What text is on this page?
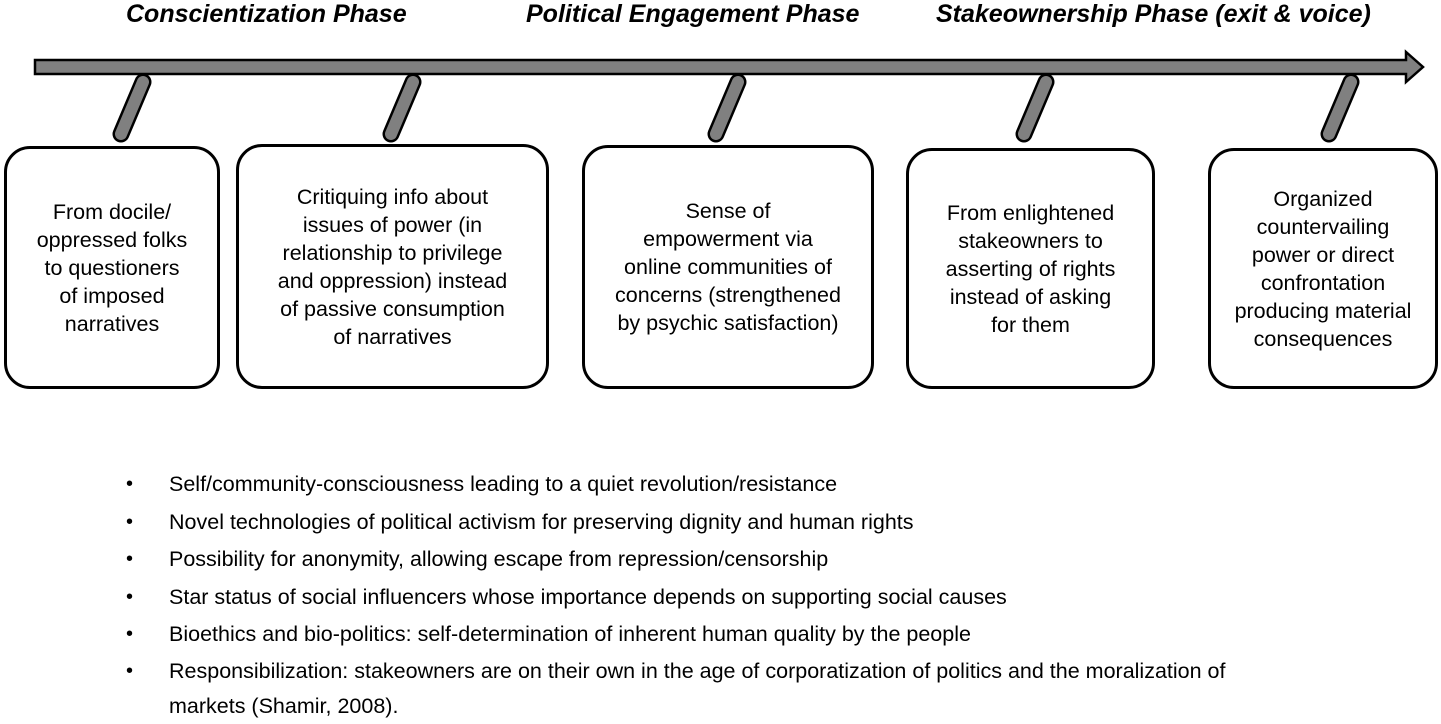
Conscientization Phase	Political Engagement Phase	Stakeownership Phase (exit & voice)
From docile/ oppressed folks to questioners of imposed narratives
Critiquing info about issues of power (in relationship to privilege and oppression) instead of passive consumption of narratives
Sense of empowerment via online communities of concerns (strengthened by psychic satisfaction)
From enlightened stakeowners to asserting of rights instead of asking for them
Organized countervailing power or direct confrontation producing material consequences
• Self/community-consciousness leading to a quiet revolution/resistance
• Novel technologies of political activism for preserving dignity and human rights
• Possibility for anonymity, allowing escape from repression/censorship
• Star status of social influencers whose importance depends on supporting social causes
• Bioethics and bio-politics: self-determination of inherent human quality by the people
• Responsibilization: stakeowners are on their own in the age of corporatization of politics and the moralization of markets (Shamir, 2008).
